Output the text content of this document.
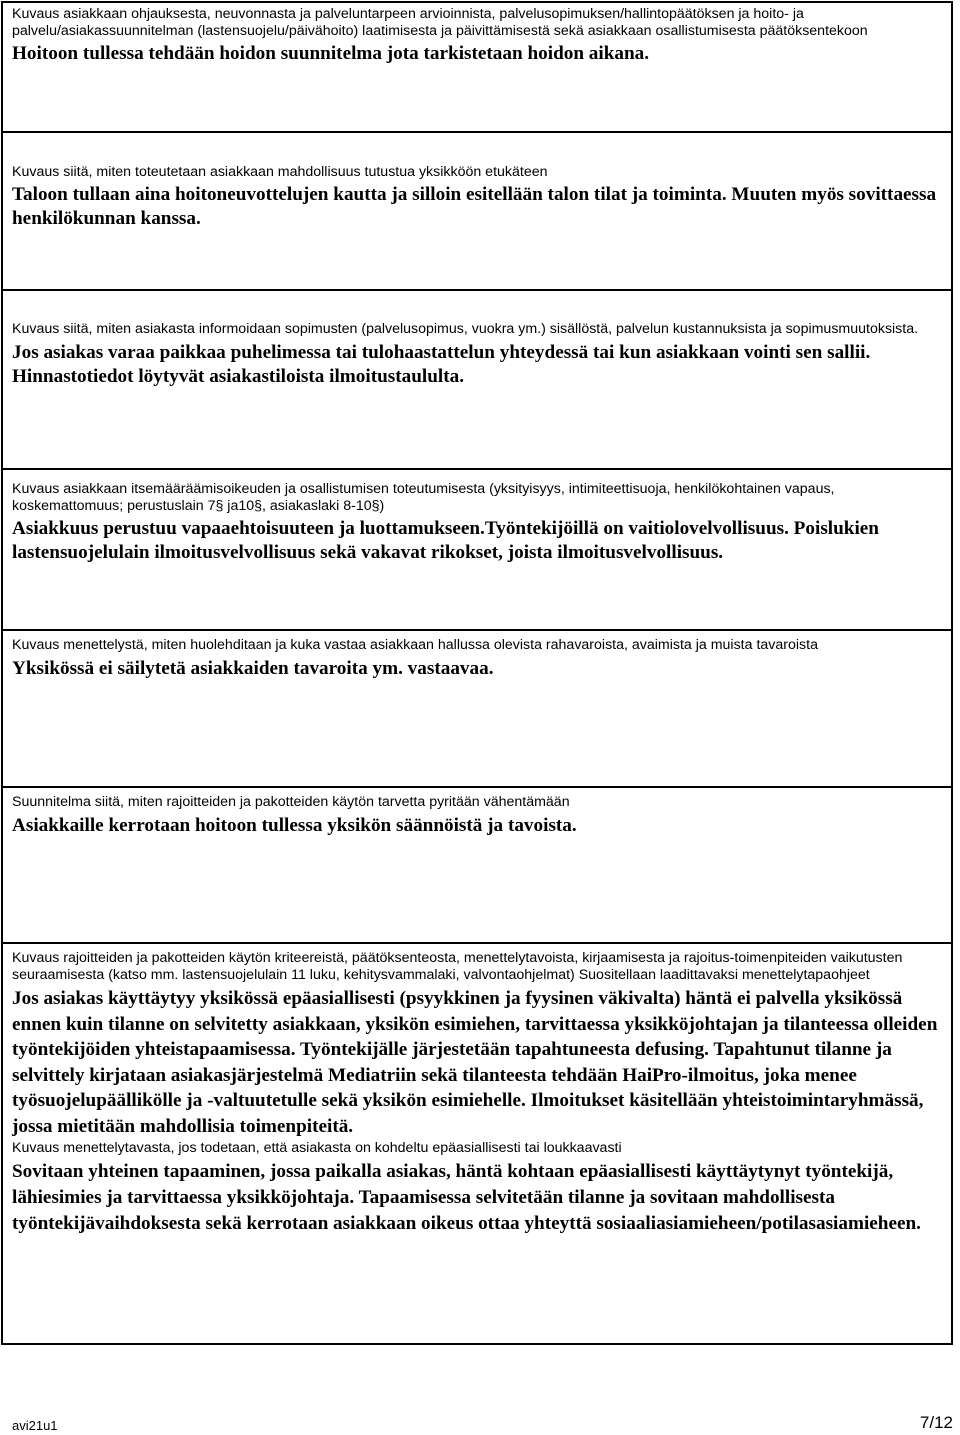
Kuvaus asiakkaan ohjauksesta, neuvonnasta ja palveluntarpeen arvioinnista, palvelusopimuksen/hallintopäätöksen ja hoito- ja palvelu/asiakassuunnitelman (lastensuojelu/päivähoito) laatimisesta ja päivittämisestä sekä asiakkaan osallistumisesta päätöksentekoon

Hoitoon tullessa tehdään hoidon suunnitelma jota tarkistetaan hoidon aikana.

Kuvaus siitä, miten toteutetaan asiakkaan mahdollisuus tutustua yksikköön etukäteen

Taloon tullaan aina hoitoneuvottelujen kautta ja silloin esitellään talon tilat ja toiminta. Muuten myös sovittaessa henkilökunnan kanssa.

Kuvaus siitä, miten asiakasta informoidaan sopimusten (palvelusopimus, vuokra ym.) sisällöstä, palvelun kustannuksista ja sopimusmuutoksista.

Jos asiakas varaa paikkaa puhelimessa tai tulohaastattelun yhteydessä tai kun asiakkaan vointi sen sallii. Hinnastotiedot löytyvät asiakastiloista ilmoitustaululta.

Kuvaus asiakkaan itsemääräämisoikeuden ja osallistumisen toteutumisesta (yksityisyys, intimiteettisuoja, henkilökohtainen vapaus, koskemattomuus; perustuslain 7§ ja10§, asiakaslaki 8-10§)

Asiakkuus perustuu vapaaehtoisuuteen ja luottamukseen.Työntekijöillä on vaitiolovelvollisuus. Poislukien lastensuojelulain ilmoitusvelvollisuus sekä vakavat rikokset, joista ilmoitusvelvollisuus.

Kuvaus menettelystä, miten huolehditaan ja kuka vastaa asiakkaan hallussa olevista rahavaroista, avaimista ja muista tavaroista

Yksikössä ei säilytetä asiakkaiden tavaroita ym. vastaavaa.

Suunnitelma siitä, miten rajoitteiden ja pakotteiden käytön tarvetta pyritään vähentämään

Asiakkaille kerrotaan hoitoon tullessa yksikön säännöistä ja tavoista.

Kuvaus rajoitteiden ja pakotteiden käytön kriteereistä, päätöksenteosta, menettelytavoista, kirjaamisesta ja rajoitus-toimenpiteiden vaikutusten seuraamisesta (katso mm. lastensuojelulain 11 luku, kehitysvammalaki, valvontaohjelmat) Suositellaan laadittavaksi menettelytapaohjeet

Jos asiakas käyttäytyy yksikössä epäasiallisesti (psyykkinen ja fyysinen väkivalta) häntä ei palvella yksikössä ennen kuin tilanne on selvitetty asiakkaan, yksikön esimiehen, tarvittaessa yksikköjohtajan ja tilanteessa olleiden työntekijöiden yhteistapaamisessa. Työntekijälle järjestetään tapahtuneesta defusing. Tapahtunut tilanne ja selvittely kirjataan asiakasjärjestelmä Mediatriin sekä tilanteesta tehdään HaiPro-ilmoitus, joka menee työsuojelupäällikölle ja -valtuutetulle sekä yksikön esimiehelle. Ilmoitukset käsitellään yhteistoimintaryhmässä, jossa mietitään mahdollisia toimenpiteitä.

Kuvaus menettelytavasta, jos todetaan, että asiakasta on kohdeltu epäasiallisesti tai loukkaavasti

Sovitaan yhteinen tapaaminen, jossa paikalla asiakas, häntä kohtaan epäasiallisesti käyttäytynyt työntekijä, lähiesimies ja tarvittaessa yksikköjohtaja. Tapaamisessa selvitetään tilanne ja sovitaan mahdollisesta työntekijävaihdoksesta sekä kerrotaan asiakkaan oikeus ottaa yhteyttä sosiaaliasiamieheen/potilasasiamieheen.

avi21u1	7/12
